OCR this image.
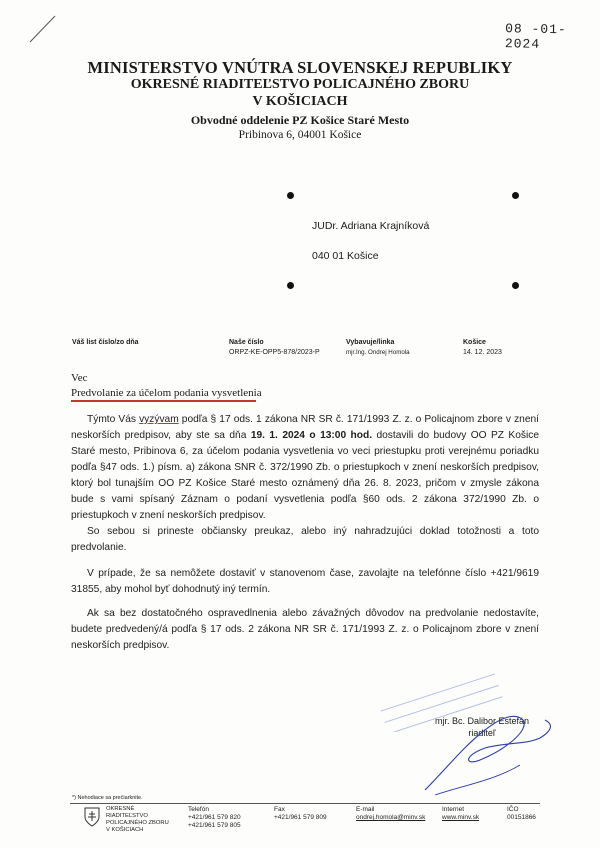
08 -01- 2024
MINISTERSTVO VNÚTRA SLOVENSKEJ REPUBLIKY
OKRESNÉ RIADITEĽSTVO POLICAJNÉHO ZBORU
V KOŠICIACH
Obvodné oddelenie PZ Košice Staré Mesto
Pribinova 6, 04001 Košice
JUDr. Adriana Krajníková
040 01 Košice
Váš list číslo/zo dňa	Naše číslo
ORPZ-KE-OPP5-878/2023-P
Vybavuje/linka
mjr.Ing. Ondrej Homola
Košice
14. 12. 2023
Vec
Predvolanie za účelom podania vysvetlenia
Týmto Vás vyzývam podľa § 17 ods. 1 zákona NR SR č. 171/1993 Z. z. o Policajnom zbore v znení neskorších predpisov, aby ste sa dňa 19. 1. 2024 o 13:00 hod. dostavili do budovy OO PZ Košice Staré mesto, Pribinova 6, za účelom podania vysvetlenia vo veci priestupku proti verejnému poriadku podľa §47 ods. 1.) písm. a) zákona SNR č. 372/1990 Zb. o priestupkoch v znení neskorších predpisov, ktorý bol tunajším OO PZ Košice Staré mesto oznámený dňa 26. 8. 2023, pričom v zmysle zákona bude s vami spísaný Záznam o podaní vysvetlenia podľa §60 ods. 2 zákona 372/1990 Zb. o priestupkoch v znení neskorších predpisov.
So sebou si prineste občiansky preukaz, alebo iný nahradzujúci doklad totožnosti a toto predvolanie.
V prípade, že sa nemôžete dostaviť v stanovenom čase, zavolajte na telefónne číslo +421/9619 31855, aby mohol byť dohodnutý iný termín.
Ak sa bez dostatočného ospravedlnenia alebo závažných dôvodov na predvolanie nedostavíte, budete predvedený/á podľa § 17 ods. 2 zákona NR SR č. 171/1993 Z. z. o Policajnom zbore v znení neskorších predpisov.
mjr. Bc. Dalibor Estefán
riaditeľ
*) Nehodiace sa prečiarknite.
OKRESNÉ
RIADITEĽSTVO
POLICAJNÉHO ZBORU
V KOŠICIACH
Telefón
+421/961 579 820
+421/961 579 805
Fax
+421/961 579 809
E-mail
ondrej.homola@minv.sk
Internet
www.minv.sk
IČO
00151866
